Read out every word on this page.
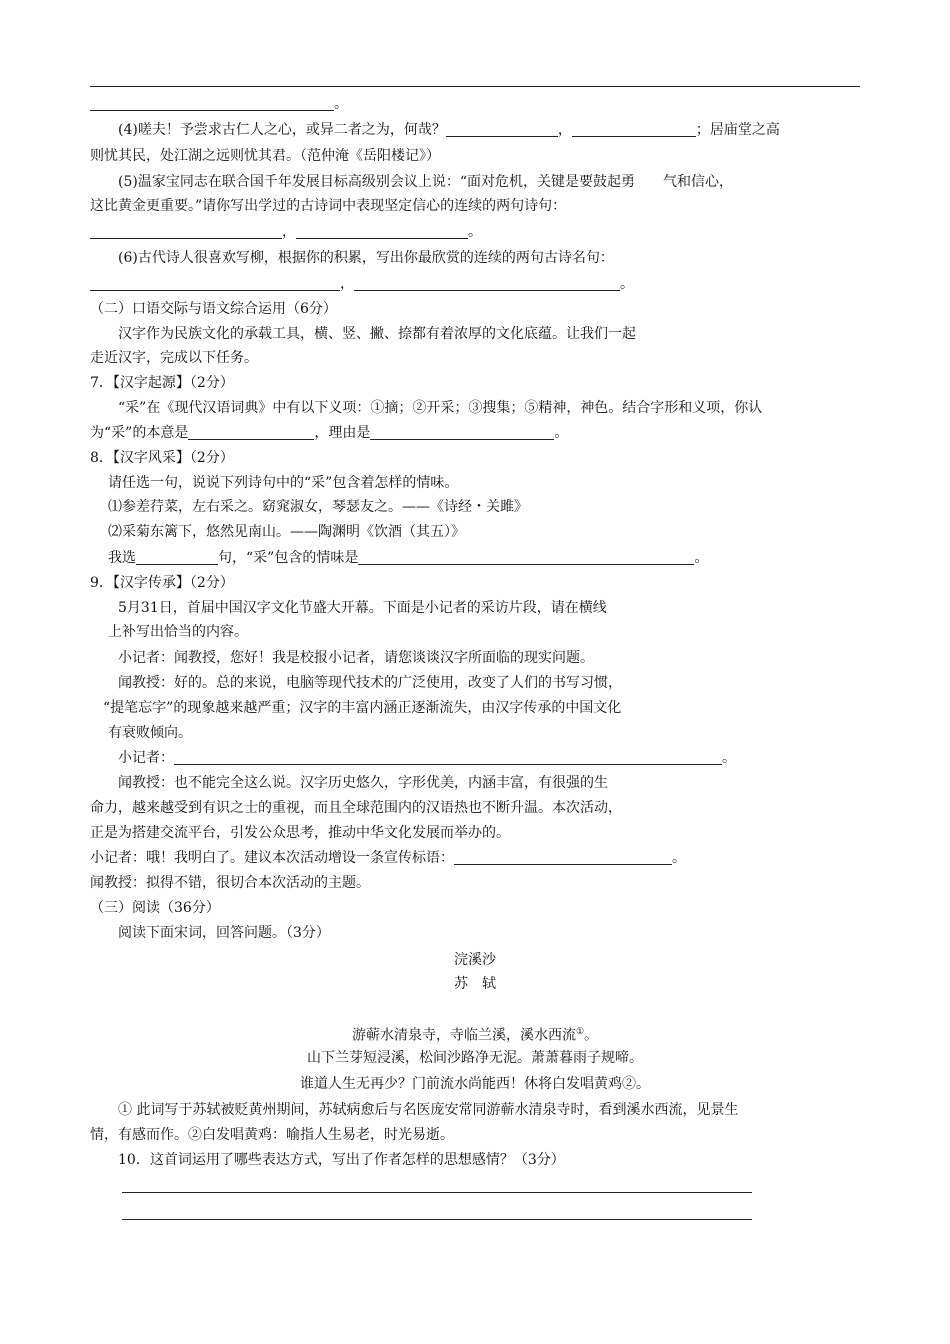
。
(4)嗟夫！予尝求古仁人之心，或异二者之为，何哉？	，	；居庙堂之高
则忧其民，处江湖之远则忧其君。（范仲淹《岳阳楼记》）
(5)温家宝同志在联合国千年发展目标高级别会议上说：“面对危机，关键是要鼓起勇　　气和信心，
这比黄金更重要。”请你写出学过的古诗词中表现坚定信心的连续的两句诗句：
，	。
(6)古代诗人很喜欢写柳，根据你的积累，写出你最欣赏的连续的两句古诗名句：
，	。
（二）口语交际与语文综合运用（6分）
汉字作为民族文化的承载工具，横、竖、撇、捺都有着浓厚的文化底蕴。让我们一起
走近汉字，完成以下任务。
7．【汉字起源】（2分）
“采”在《现代汉语词典》中有以下义项：①摘；②开采；③搜集；⑤精神，神色。结合字形和义项，你认
为“采”的本意是	，理由是	。
8．【汉字风采】（2分）
请任选一句，说说下列诗句中的“采”包含着怎样的情味。
⑴参差荇菜，左右采之。窈窕淑女，琴瑟友之。——《诗经・关雎》
⑵采菊东篱下，悠然见南山。——陶渊明《饮酒（其五）》
我选	句，“采”包含的情味是	。
9．【汉字传承】（2分）
5月31日，首届中国汉字文化节盛大开幕。下面是小记者的采访片段，请在横线
上补写出恰当的内容。
小记者：闻教授，您好！我是校报小记者，请您谈谈汉字所面临的现实问题。
闻教授：好的。总的来说，电脑等现代技术的广泛使用，改变了人们的书写习惯，
“提笔忘字”的现象越来越严重；汉字的丰富内涵正逐渐流失，由汉字传承的中国文化
有衰败倾向。
小记者：	。
闻教授：也不能完全这么说。汉字历史悠久，字形优美，内涵丰富，有很强的生
命力，越来越受到有识之士的重视，而且全球范围内的汉语热也不断升温。本次活动，
正是为搭建交流平台，引发公众思考，推动中华文化发展而举办的。
小记者：哦！我明白了。建议本次活动增设一条宣传标语：	。
闻教授：拟得不错，很切合本次活动的主题。
（三）阅读（36分）
阅读下面宋词，回答问题。（3分）
浣溪沙
苏　轼
游蕲水清泉寺，寺临兰溪，溪水西流①。
山下兰芽短浸溪，松间沙路净无泥。萧萧暮雨子规啼。
谁道人生无再少？门前流水尚能西！休将白发唱黄鸡②。
① 此词写于苏轼被贬黄州期间，苏轼病愈后与名医庞安常同游蕲水清泉寺时，看到溪水西流，见景生
情，有感而作。②白发唱黄鸡：喻指人生易老，时光易逝。
10．这首词运用了哪些表达方式，写出了作者怎样的思想感情？（3分）
